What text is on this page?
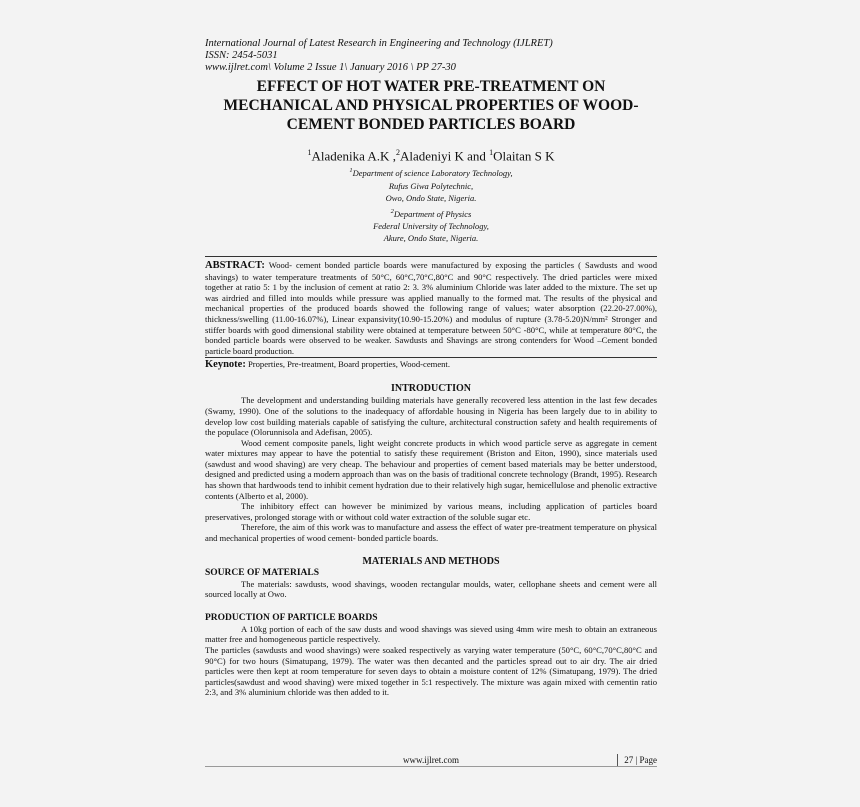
International Journal of Latest Research in Engineering and Technology (IJLRET)
ISSN: 2454-5031
www.ijlret.com\ Volume 2 Issue 1\ January 2016 \ PP 27-30
EFFECT OF HOT WATER PRE-TREATMENT ON MECHANICAL AND PHYSICAL PROPERTIES OF WOOD-CEMENT BONDED PARTICLES BOARD
$^1$Aladenika A.K ,$^2$Aladeniyi K and $^1$Olaitan S K
$^1$Department of science Laboratory Technology,
Rufus Giwa Polytechnic,
Owo, Ondo State, Nigeria.
$^2$Department of Physics
Federal University of Technology,
Akure, Ondo State, Nigeria.
ABSTRACT: Wood- cement bonded particle boards were manufactured by exposing the particles ( Sawdusts and wood shavings) to water temperature treatments of 50°C, 60°C,70°C,80°C and 90°C respectively. The dried particles were mixed together at ratio 5: 1 by the inclusion of cement at ratio 2: 3. 3% aluminium Chloride was later added to the mixture. The set up was airdried and filled into moulds while pressure was applied manually to the formed mat. The results of the physical and mechanical properties of the produced boards showed the following range of values; water absorption (22.20-27.00%), thickness/swelling (11.00-16.07%), Linear expansivity(10.90-15.20%) and modulus of rupture (3.78-5.20)N/mm² Stronger and stiffer boards with good dimensional stability were obtained at temperature between 50°C -80°C, while at temperature 80°C, the bonded particle boards were observed to be weaker. Sawdusts and Shavings are strong contenders for Wood –Cement bonded particle board production.
Keynote: Properties, Pre-treatment, Board properties, Wood-cement.
INTRODUCTION
The development and understanding building materials have generally recovered less attention in the last few decades (Swamy, 1990). One of the solutions to the inadequacy of affordable housing in Nigeria has been largely due to in ability to develop low cost building materials capable of satisfying the culture, architectural construction safety and health requirements of the populace (Olorunnisola and Adefisan, 2005).
Wood cement composite panels, light weight concrete products in which wood particle serve as aggregate in cement water mixtures may appear to have the potential to satisfy these requirement (Briston and Eiton, 1990), since materials used (sawdust and wood shaving) are very cheap. The behaviour and properties of cement based materials may be better understood, designed and predicted using a modern approach than was on the basis of traditional concrete technology (Brandt, 1995). Research has shown that hardwoods tend to inhibit cement hydration due to their relatively high sugar, hemicellulose and phenolic extractive contents (Alberto et al, 2000).
The inhibitory effect can however be minimized by various means, including application of particles board preservatives, prolonged storage with or without cold water extraction of the soluble sugar etc.
Therefore, the aim of this work was to manufacture and assess the effect of water pre-treatment temperature on physical and mechanical properties of wood cement- bonded particle boards.
MATERIALS AND METHODS
SOURCE OF MATERIALS
The materials: sawdusts, wood shavings, wooden rectangular moulds, water, cellophane sheets and cement were all sourced locally at Owo.
PRODUCTION OF PARTICLE BOARDS
A 10kg portion of each of the saw dusts and wood shavings was sieved using 4mm wire mesh to obtain an extraneous matter free and homogeneous particle respectively.
The particles (sawdusts and wood shavings) were soaked respectively as varying water temperature (50°C, 60°C,70°C,80°C and 90°C) for two hours (Simatupang, 1979). The water was then decanted and the particles spread out to air dry. The air dried particles were then kept at room temperature for seven days to obtain a moisture content of 12% (Simatupang, 1979). The dried particles(sawdust and wood shaving) were mixed together in 5:1 respectively. The mixture was again mixed with cementin ratio 2:3, and 3% aluminium chloride was then added to it.
www.ijlret.com	27 | Page
